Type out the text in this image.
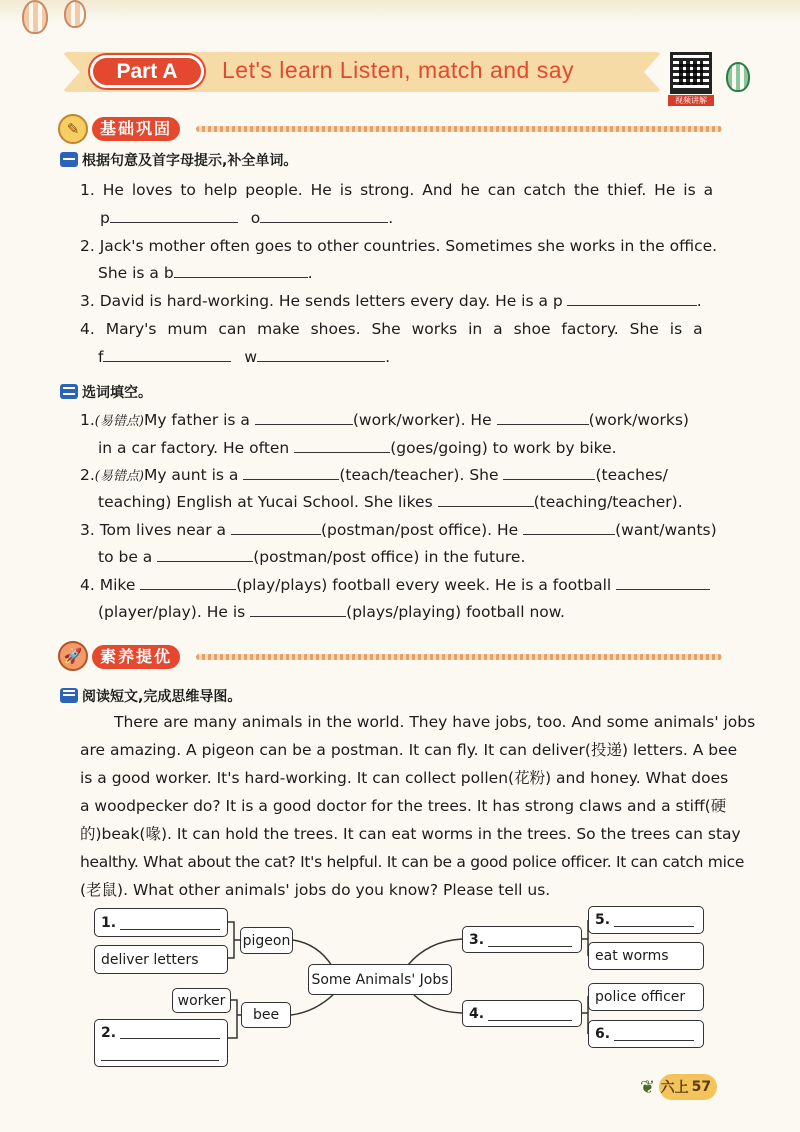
Part A	Let's learn Listen, match and say
视频讲解
✎	基础巩固
根据句意及首字母提示,补全单词。
1. He loves to help people. He is strong. And he can catch the thief. He is a
p	o	.
2. Jack's mother often goes to other countries. Sometimes she works in the office.
She is a b	.
3. David is hard-working. He sends letters every day. He is a p	.
4. Mary's mum can make shoes. She works in a shoe factory. She is a
f	w	.
选词填空。
1.(易错点)My father is a	(work/worker). He	(work/works)
in a car factory. He often	(goes/going) to work by bike.
2.(易错点)My aunt is a	(teach/teacher). She	(teaches/
teaching) English at Yucai School. She likes	(teaching/teacher).
3. Tom lives near a	(postman/post office). He	(want/wants)
to be a	(postman/post office) in the future.
4. Mike	(play/plays) football every week. He is a football
(player/play). He is	(plays/playing) football now.
🚀	素养提优
阅读短文,完成思维导图。
There are many animals in the world. They have jobs, too. And some animals' jobs
are amazing. A pigeon can be a postman. It can fly. It can deliver(投递) letters. A bee
is a good worker. It's hard-working. It can collect pollen(花粉) and honey. What does
a woodpecker do? It is a good doctor for the trees. It has strong claws and a stiff(硬
的)beak(喙). It can hold the trees. It can eat worms in the trees. So the trees can stay
healthy. What about the cat? It's helpful. It can be a good police officer. It can catch mice
(老鼠). What other animals' jobs do you know? Please tell us.
1.
deliver letters
pigeon
Some Animals' Jobs
worker
bee
2.
3.
4.
5.
eat worms
police officer
6.
❦ 六上 57
